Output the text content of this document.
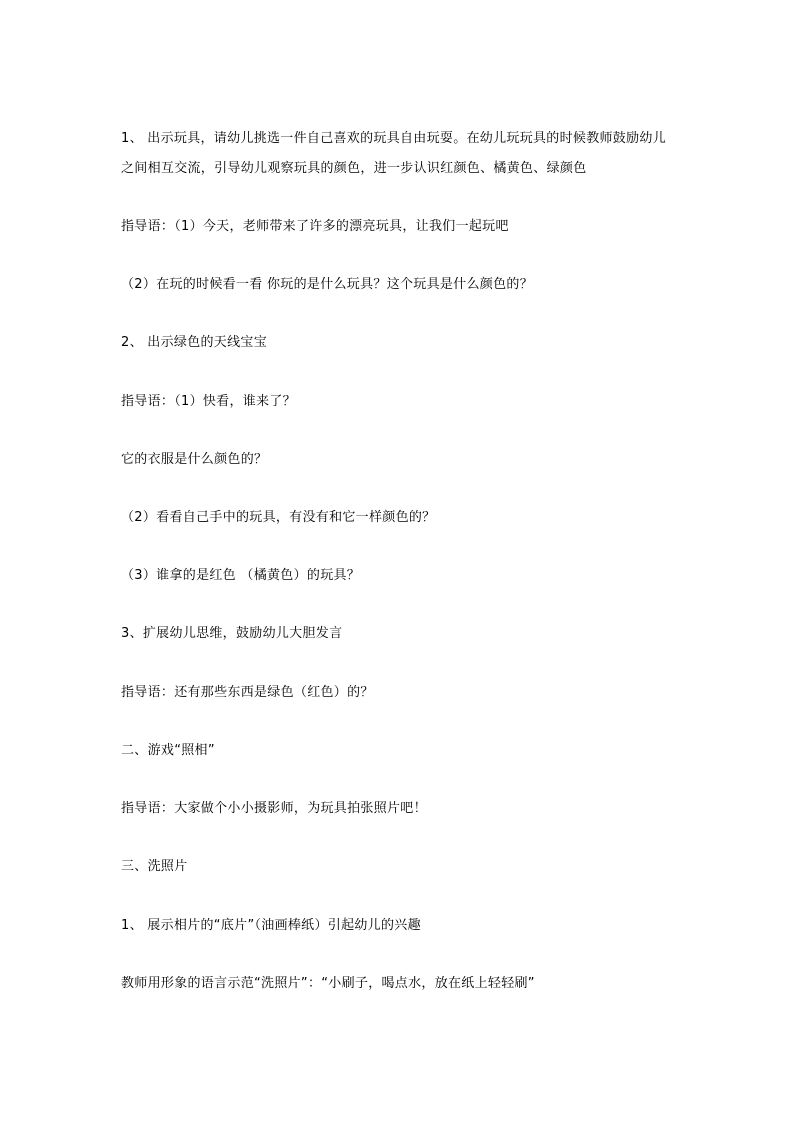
1、 出示玩具，请幼儿挑选一件自己喜欢的玩具自由玩耍。在幼儿玩玩具的时候教师鼓励幼儿
之间相互交流，引导幼儿观察玩具的颜色，进一步认识红颜色、橘黄色、绿颜色
指导语：（1）今天，老师带来了许多的漂亮玩具，让我们一起玩吧
（2）在玩的时候看一看 你玩的是什么玩具？这个玩具是什么颜色的？
2、 出示绿色的天线宝宝
指导语：（1）快看，谁来了？
它的衣服是什么颜色的？
（2）看看自己手中的玩具，有没有和它一样颜色的？
（3）谁拿的是红色 （橘黄色）的玩具？
3、扩展幼儿思维，鼓励幼儿大胆发言
指导语：还有那些东西是绿色（红色）的？
二、游戏“照相”
指导语：大家做个小小摄影师，为玩具拍张照片吧！
三、洗照片
1、 展示相片的“底片”（油画棒纸）引起幼儿的兴趣
教师用形象的语言示范“洗照片”：“小刷子，喝点水，放在纸上轻轻刷”
